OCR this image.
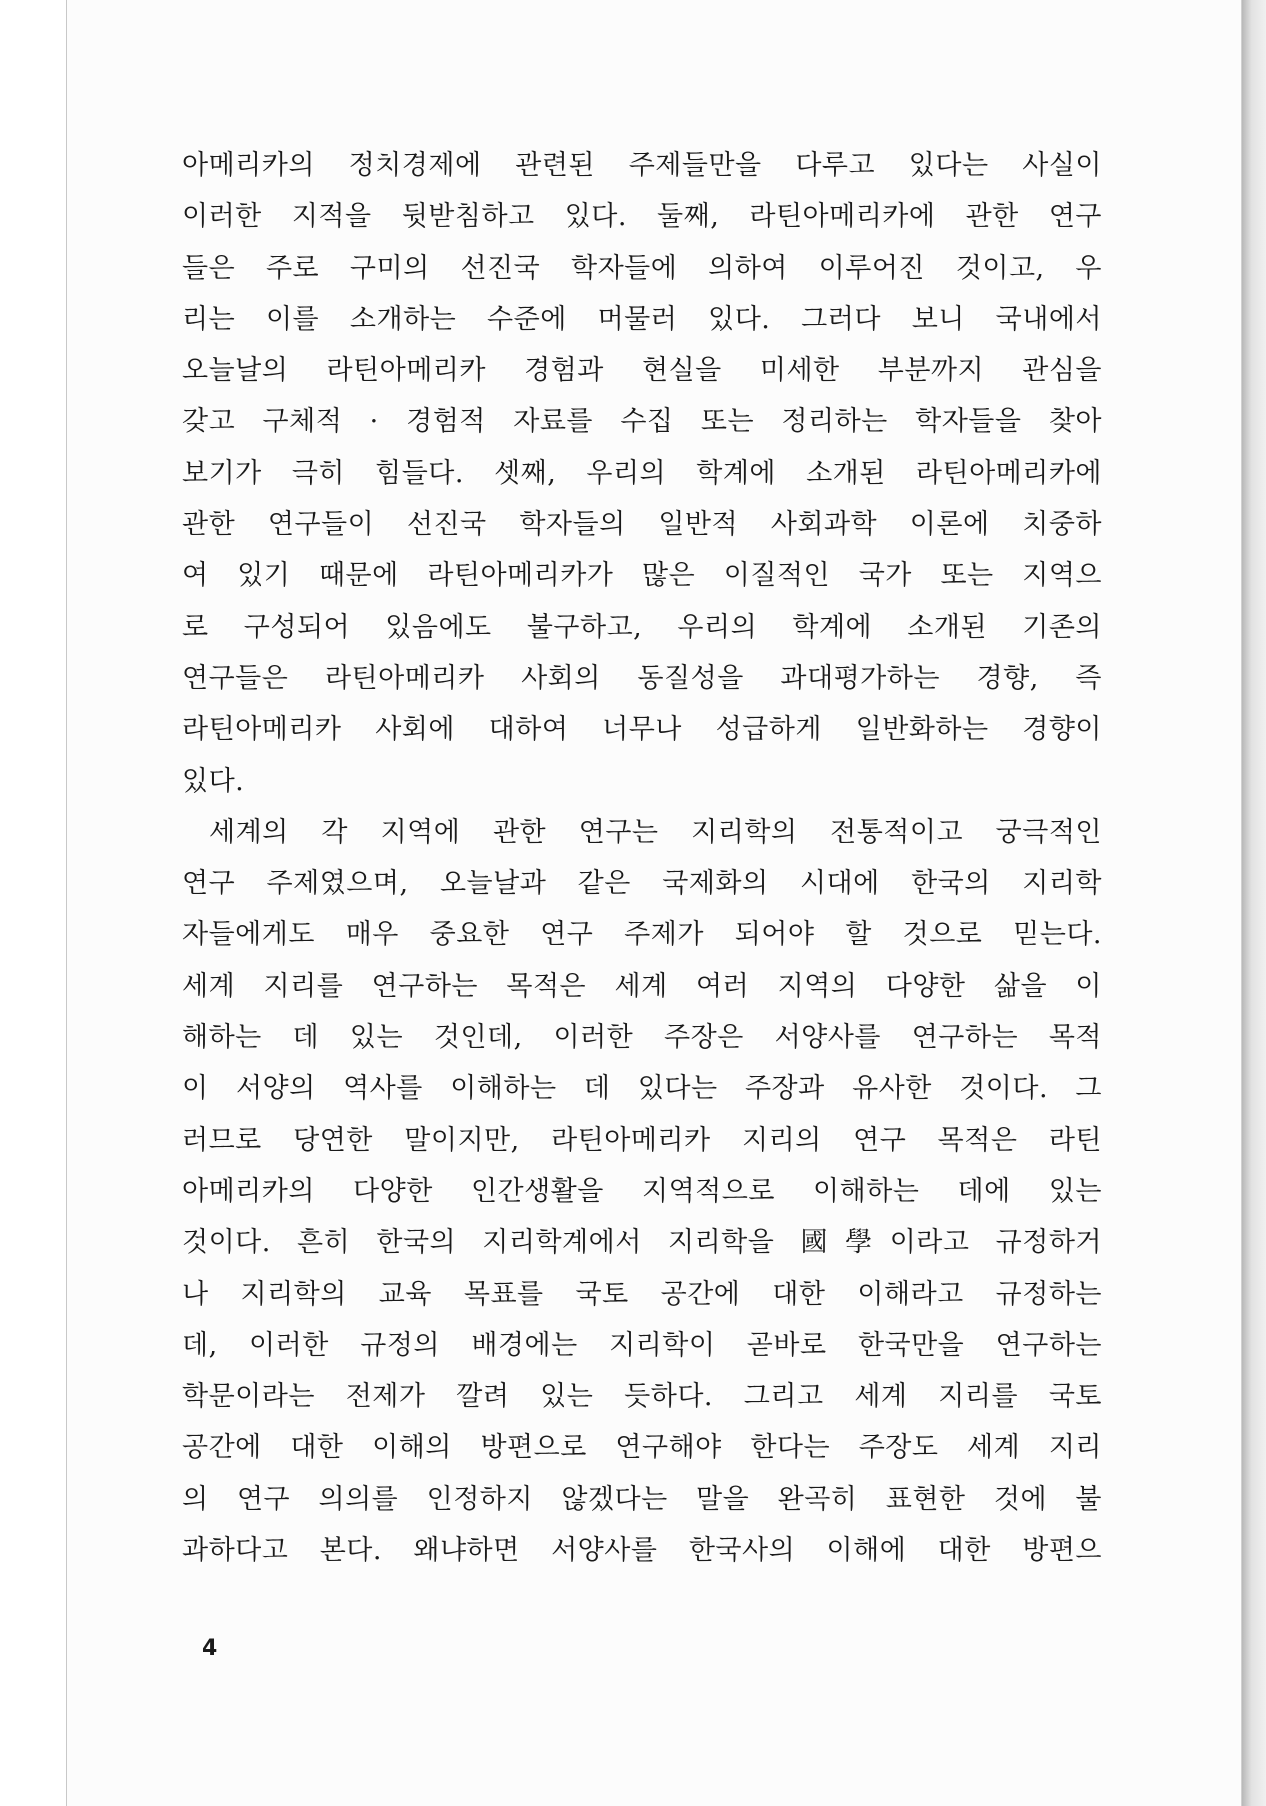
아메리카의 정치경제에 관련된 주제들만을 다루고 있다는 사실이
이러한 지적을 뒷받침하고 있다. 둘째, 라틴아메리카에 관한 연구
들은 주로 구미의 선진국 학자들에 의하여 이루어진 것이고, 우
리는 이를 소개하는 수준에 머물러 있다. 그러다 보니 국내에서
오늘날의 라틴아메리카 경험과 현실을 미세한 부분까지 관심을
갖고 구체적 · 경험적 자료를 수집 또는 정리하는 학자들을 찾아
보기가 극히 힘들다. 셋째, 우리의 학계에 소개된 라틴아메리카에
관한 연구들이 선진국 학자들의 일반적 사회과학 이론에 치중하
여 있기 때문에 라틴아메리카가 많은 이질적인 국가 또는 지역으
로 구성되어 있음에도 불구하고, 우리의 학계에 소개된 기존의
연구들은 라틴아메리카 사회의 동질성을 과대평가하는 경향, 즉
라틴아메리카 사회에 대하여 너무나 성급하게 일반화하는 경향이
있다.
세계의 각 지역에 관한 연구는 지리학의 전통적이고 궁극적인
연구 주제였으며, 오늘날과 같은 국제화의 시대에 한국의 지리학
자들에게도 매우 중요한 연구 주제가 되어야 할 것으로 믿는다.
세계 지리를 연구하는 목적은 세계 여러 지역의 다양한 삶을 이
해하는 데 있는 것인데, 이러한 주장은 서양사를 연구하는 목적
이 서양의 역사를 이해하는 데 있다는 주장과 유사한 것이다. 그
러므로 당연한 말이지만, 라틴아메리카 지리의 연구 목적은 라틴
아메리카의 다양한 인간생활을 지역적으로 이해하는 데에 있는
것이다. 흔히 한국의 지리학계에서 지리학을 國學이라고 규정하거
나 지리학의 교육 목표를 국토 공간에 대한 이해라고 규정하는
데, 이러한 규정의 배경에는 지리학이 곧바로 한국만을 연구하는
학문이라는 전제가 깔려 있는 듯하다. 그리고 세계 지리를 국토
공간에 대한 이해의 방편으로 연구해야 한다는 주장도 세계 지리
의 연구 의의를 인정하지 않겠다는 말을 완곡히 표현한 것에 불
과하다고 본다. 왜냐하면 서양사를 한국사의 이해에 대한 방편으
4
